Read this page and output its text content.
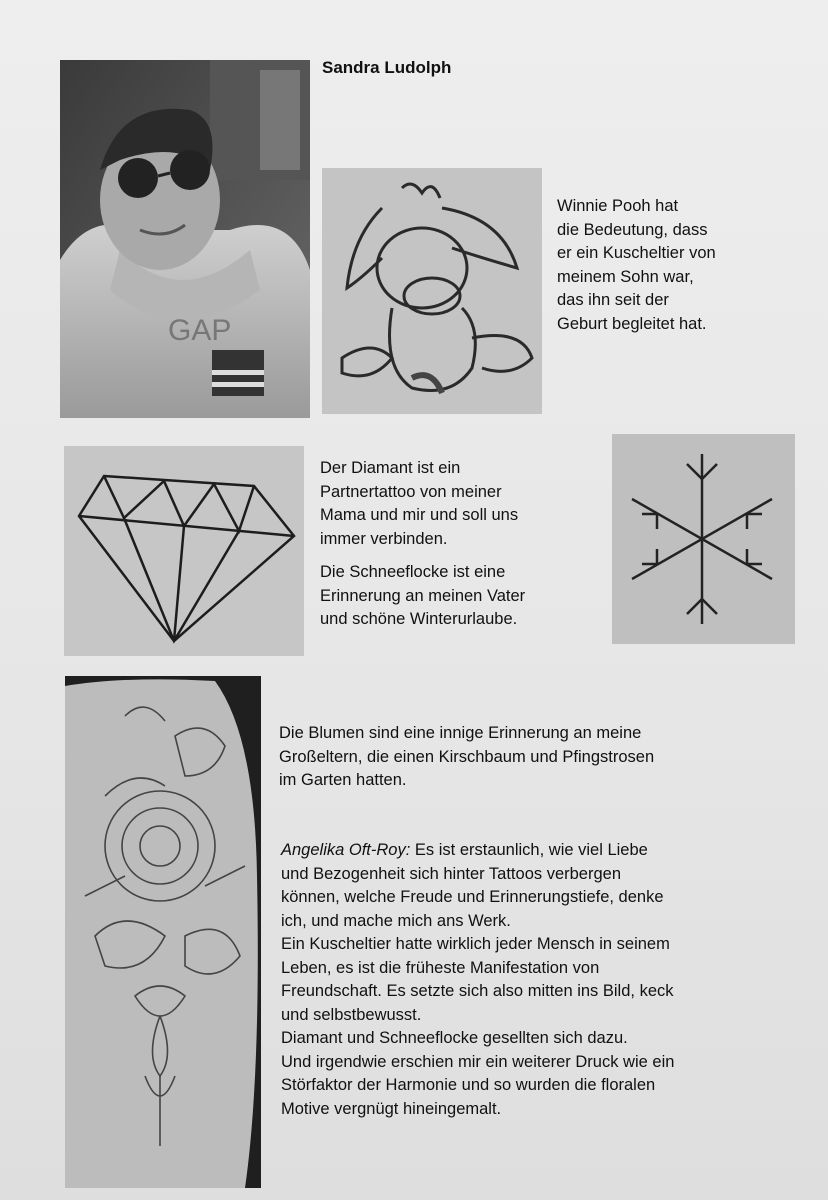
Sandra Ludolph
GAP
Winnie Pooh hat
die Bedeutung, dass
er ein Kuscheltier von
meinem Sohn war,
das ihn seit der
Geburt begleitet hat.
Der Diamant ist ein
Partnertattoo von meiner
Mama und mir und soll uns
immer verbinden.
Die Schneeflocke ist eine
Erinnerung an meinen Vater
und schöne Winterurlaube.
Die Blumen sind eine innige Erinnerung an meine
Großeltern, die einen Kirschbaum und Pfingstrosen
im Garten hatten.
Angelika Oft-Roy: Es ist erstaunlich, wie viel Liebe
und Bezogenheit sich hinter Tattoos verbergen
können, welche Freude und Erinnerungstiefe, denke
ich, und mache mich ans Werk.
Ein Kuscheltier hatte wirklich jeder Mensch in seinem
Leben, es ist die früheste Manifestation von
Freundschaft. Es setzte sich also mitten ins Bild, keck
und selbstbewusst.
Diamant und Schneeflocke gesellten sich dazu.
Und irgendwie erschien mir ein weiterer Druck wie ein
Störfaktor der Harmonie und so wurden die floralen
Motive vergnügt hineingemalt.
